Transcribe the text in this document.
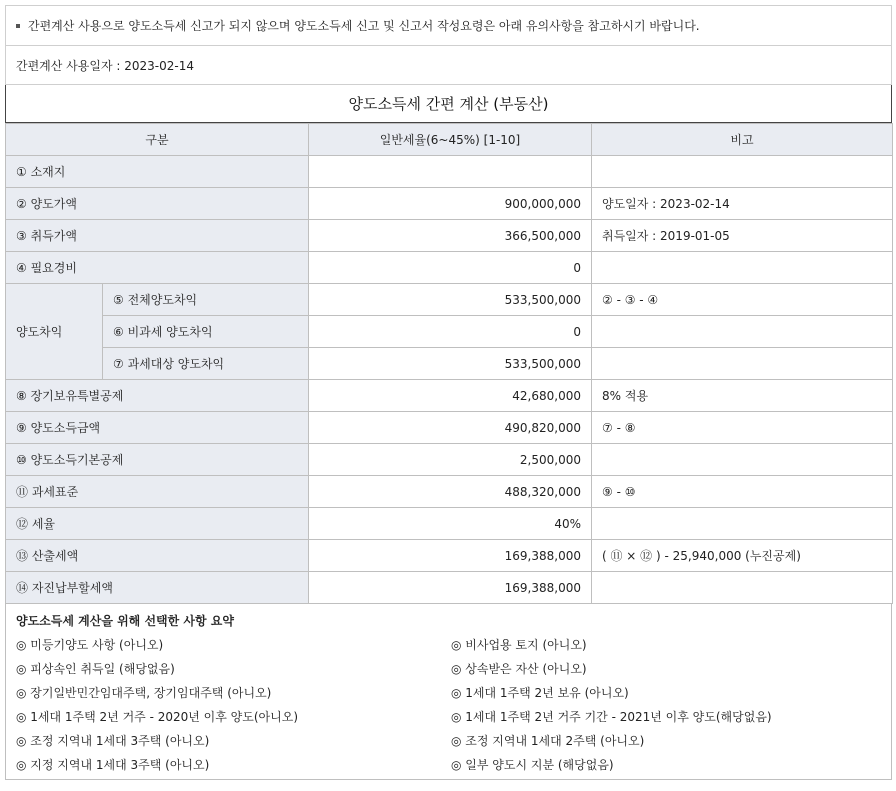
간편계산 사용으로 양도소득세 신고가 되지 않으며 양도소득세 신고 및 신고서 작성요령은 아래 유의사항을 참고하시기 바랍니다.
간편계산 사용일자 : 2023-02-14
양도소득세 간편 계산 (부동산)
구분		일반세율(6~45%) [1-10]	비고
① 소재지			
② 양도가액		900,000,000	양도일자 : 2023-02-14
③ 취득가액		366,500,000	취득일자 : 2019-01-05
④ 필요경비		0	
양도차익	⑤ 전체양도차익	533,500,000	② - ③ - ④
	⑥ 비과세 양도차익	0	
	⑦ 과세대상 양도차익	533,500,000	
⑧ 장기보유특별공제		42,680,000	8% 적용
⑨ 양도소득금액		490,820,000	⑦ - ⑧
⑩ 양도소득기본공제		2,500,000	
⑪ 과세표준		488,320,000	⑨ - ⑩
⑫ 세율		40%	
⑬ 산출세액		169,388,000	( ⑪ × ⑫ ) - 25,940,000 (누진공제)
⑭ 자진납부할세액		169,388,000	
양도소득세 계산을 위해 선택한 사항 요약
◎ 미등기양도 사항 (아니오)	◎ 비사업용 토지 (아니오)
◎ 피상속인 취득일 (해당없음)	◎ 상속받은 자산 (아니오)
◎ 장기일반민간임대주택, 장기임대주택 (아니오)	◎ 1세대 1주택 2년 보유 (아니오)
◎ 1세대 1주택 2년 거주 - 2020년 이후 양도(아니오)	◎ 1세대 1주택 2년 거주 기간 - 2021년 이후 양도(해당없음)
◎ 조정 지역내 1세대 3주택 (아니오)	◎ 조정 지역내 1세대 2주택 (아니오)
◎ 지정 지역내 1세대 3주택 (아니오)	◎ 일부 양도시 지분 (해당없음)
